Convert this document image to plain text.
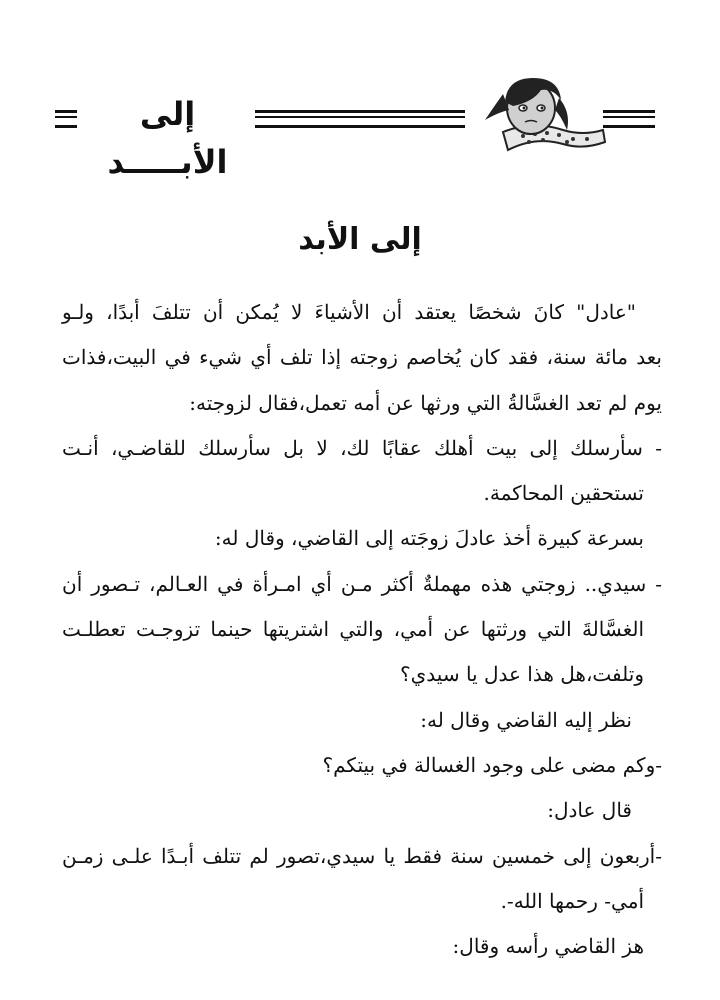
إلى الأبـــــد
إلى الأبد
"عادل" كانَ شخصًا يعتقد أن الأشياءَ لا يُمكن أن تتلفَ أبدًا، ولـو
بعد مائة سنة، فقد كان يُخاصم زوجته إذا تلف أي شيء في البيت،فذات
يوم لم تعد الغسَّالةُ التي ورثها عن أمه تعمل،فقال لزوجته:
- سأرسلك إلى بيت أهلك عقابًا لك، لا بل سأرسلك للقاضـي، أنـت
تستحقين المحاكمة.
بسرعة كبيرة أخذ عادلَ زوجَته إلى القاضي، وقال له:
- سيدي.. زوجتي هذه مهملةٌ أكثر مـن أي امـرأة في العـالم، تـصور أن
الغسَّالةَ التي ورثتها عن أمي، والتي اشتريتها حينما تزوجـت تعطلـت
وتلفت،هل هذا عدل يا سيدي؟
نظر إليه القاضي وقال له:
-وكم مضى على وجود الغسالة في بيتكم؟
قال عادل:
-أربعون إلى خمسين سنة فقط يا سيدي،تصور لم تتلف أبـدًا علـى زمـن
أمي- رحمها الله-.
هز القاضي رأسه وقال:
